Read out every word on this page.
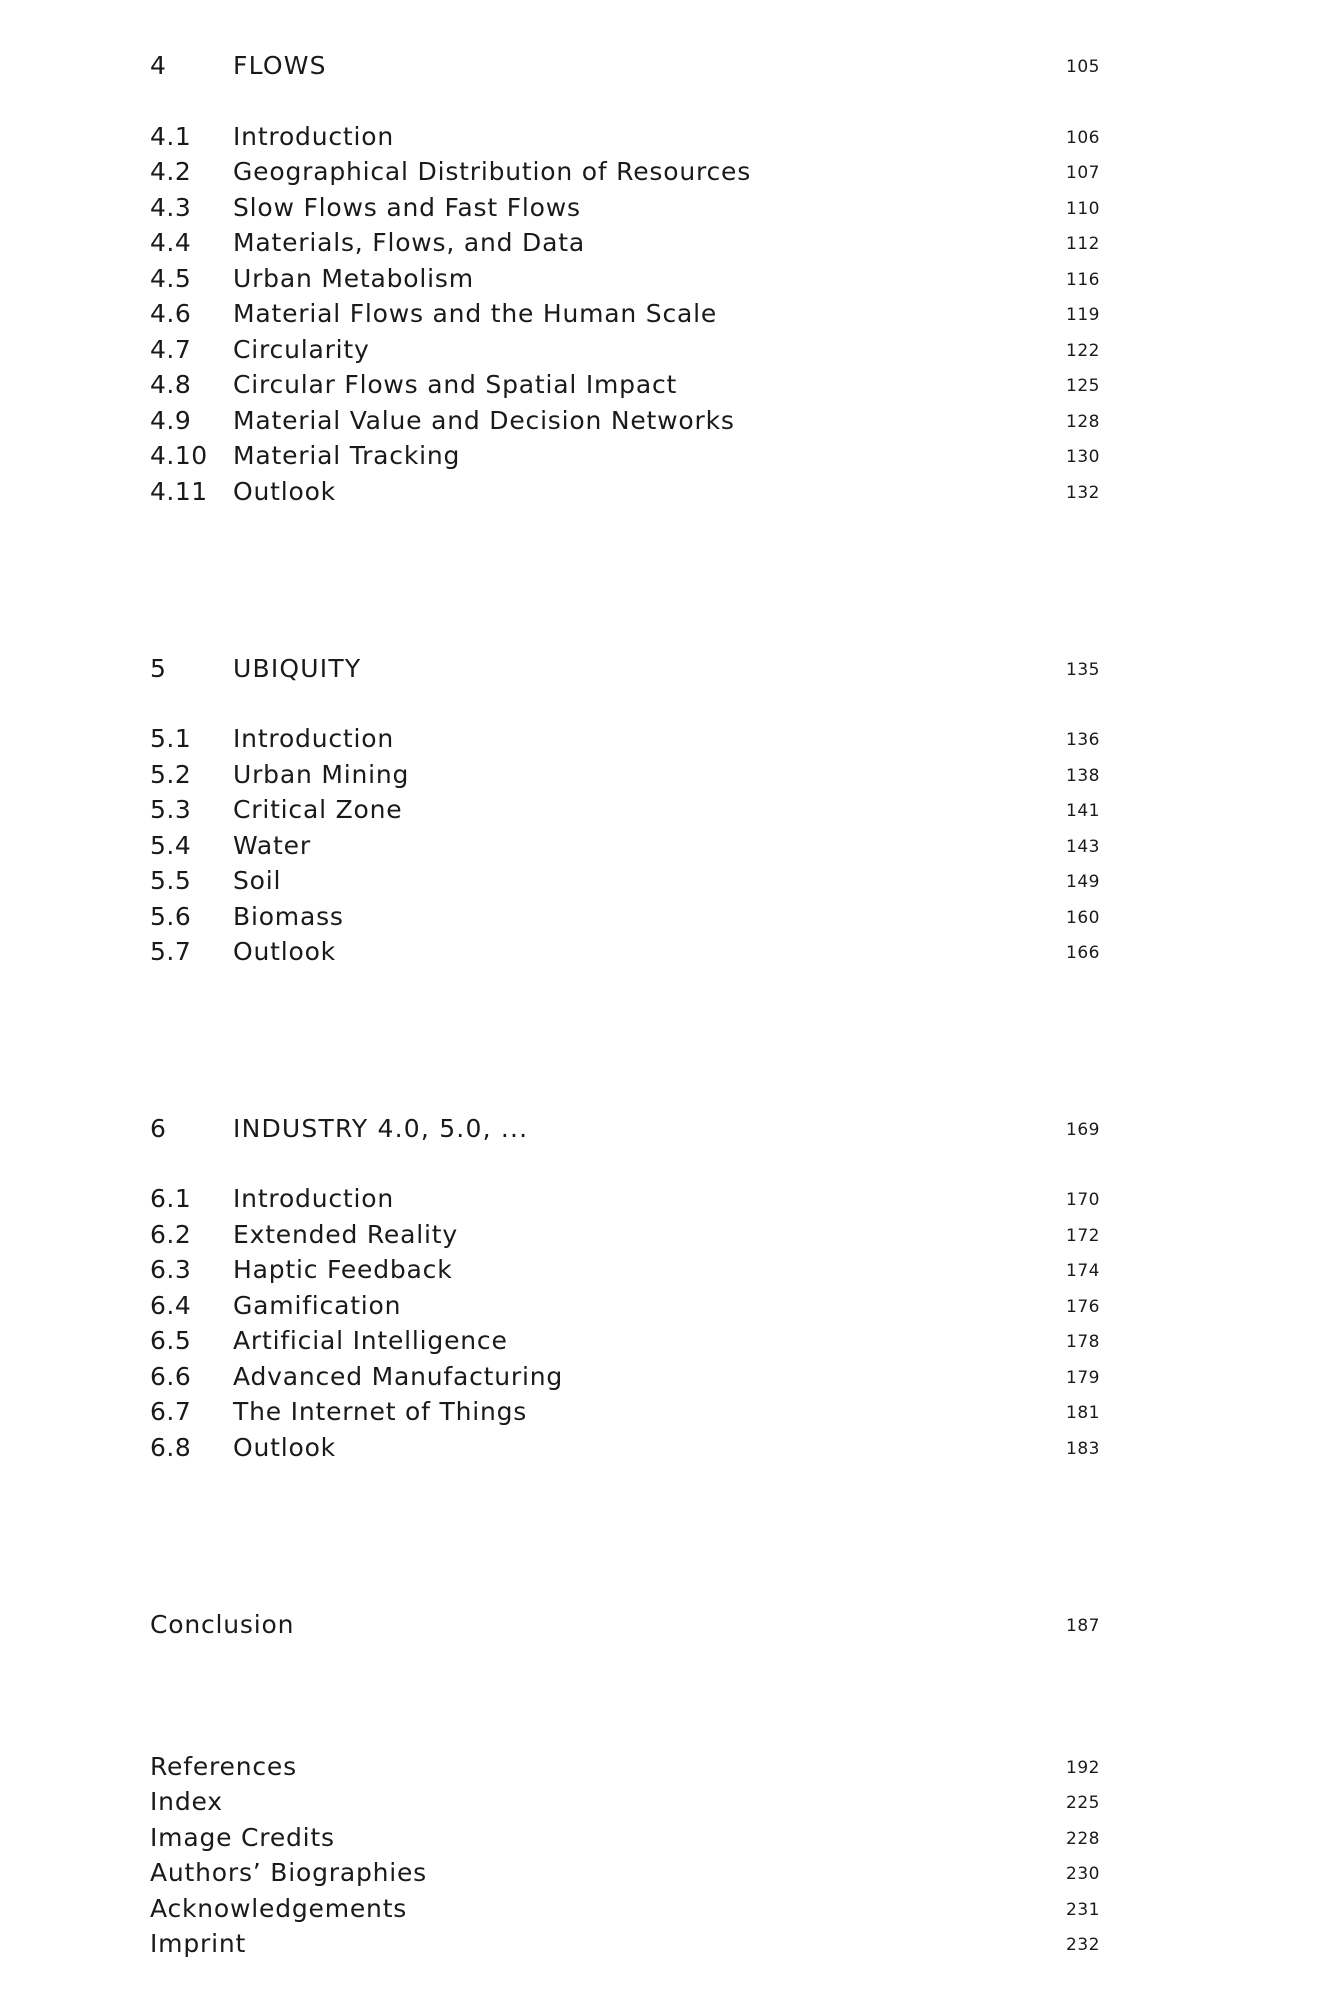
4	FLOWS	105
4.1 Introduction	106
4.2 Geographical Distribution of Resources	107
4.3 Slow Flows and Fast Flows	110
4.4 Materials, Flows, and Data	112
4.5 Urban Metabolism	116
4.6 Material Flows and the Human Scale	119
4.7 Circularity	122
4.8 Circular Flows and Spatial Impact	125
4.9 Material Value and Decision Networks	128
4.10 Material Tracking	130
4.11 Outlook	132
5	UBIQUITY	135
5.1 Introduction	136
5.2 Urban Mining	138
5.3 Critical Zone	141
5.4 Water	143
5.5 Soil	149
5.6 Biomass	160
5.7 Outlook	166
6	INDUSTRY 4.0, 5.0, ...	169
6.1 Introduction	170
6.2 Extended Reality	172
6.3 Haptic Feedback	174
6.4 Gamification	176
6.5 Artificial Intelligence	178
6.6 Advanced Manufacturing	179
6.7 The Internet of Things	181
6.8 Outlook	183
Conclusion	187
References	192
Index	225
Image Credits	228
Authors’ Biographies	230
Acknowledgements	231
Imprint	232
